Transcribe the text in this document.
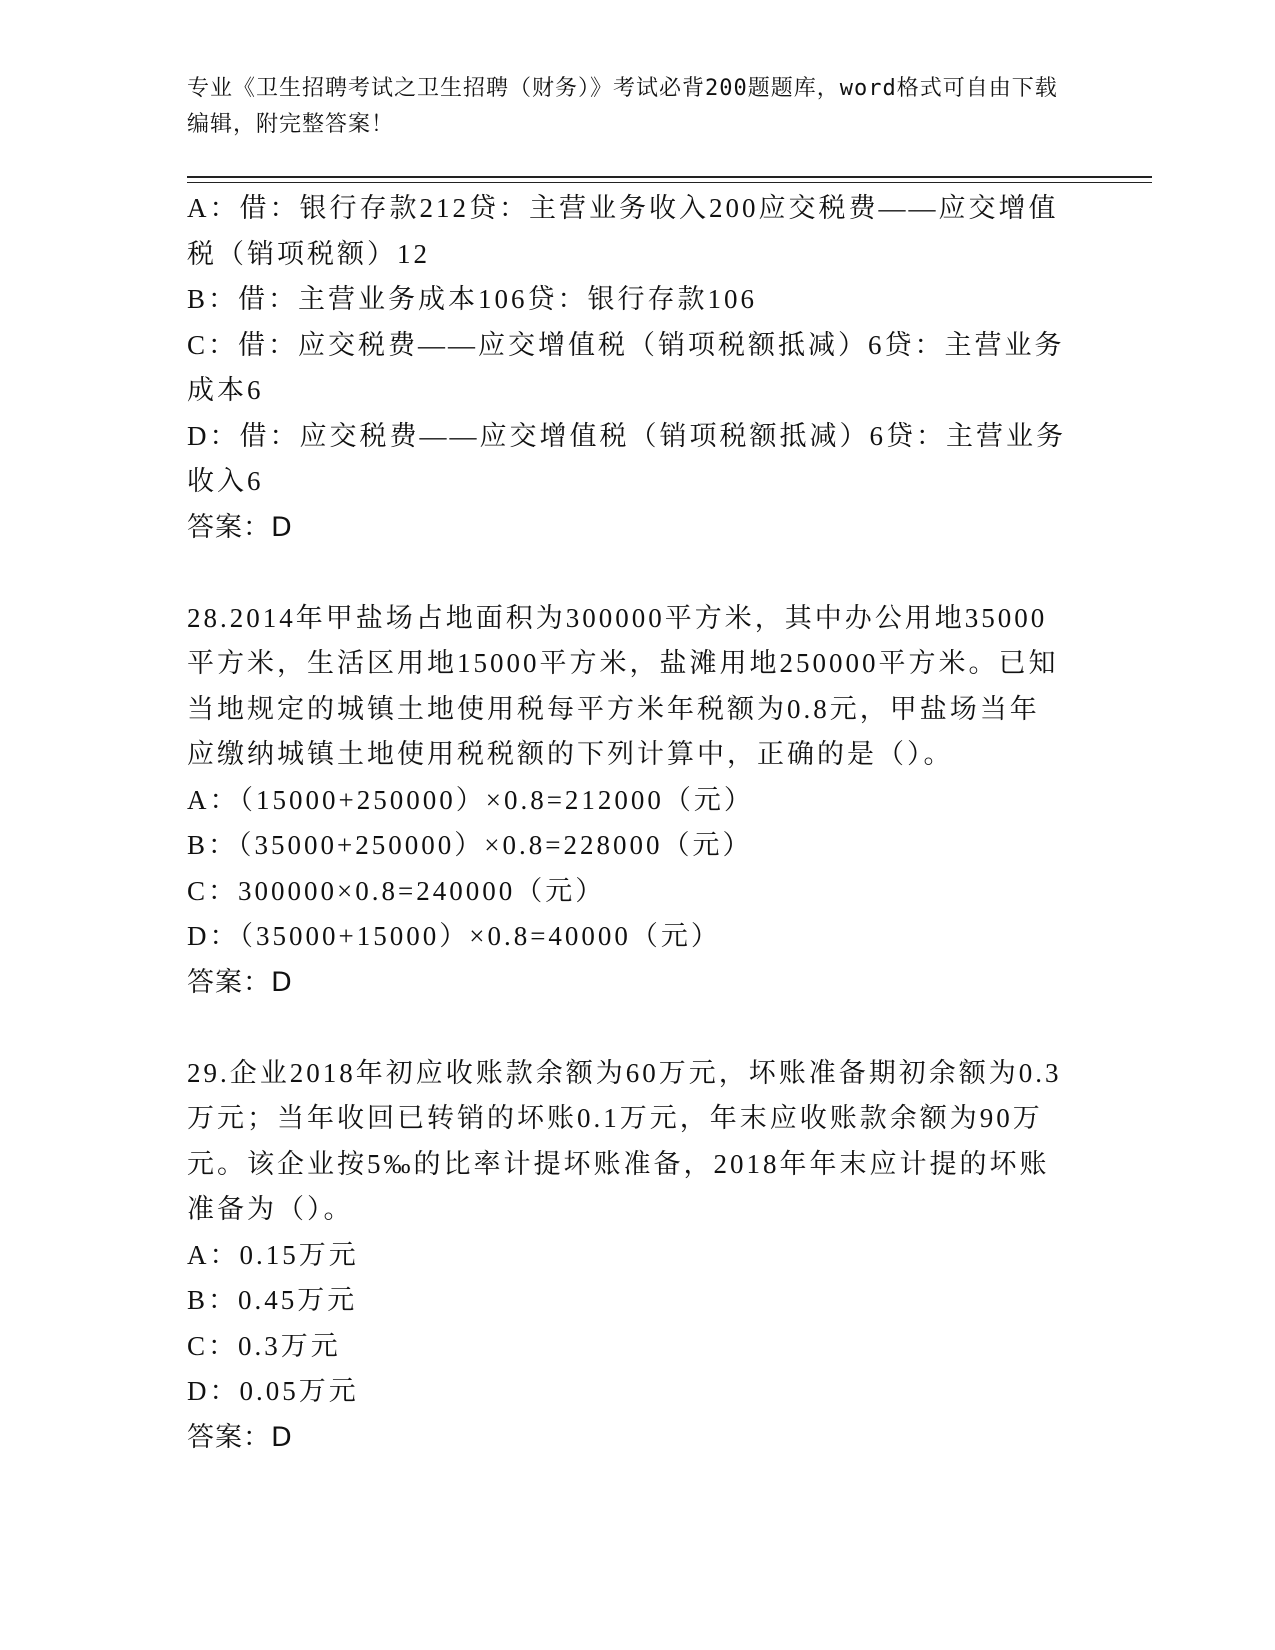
专业《卫生招聘考试之卫生招聘（财务）》考试必背200题题库，word格式可自由下载编辑，附完整答案！

A：借：银行存款212贷：主营业务收入200应交税费——应交增值税（销项税额）12

B：借：主营业务成本106贷：银行存款106

C：借：应交税费——应交增值税（销项税额抵减）6贷：主营业务成本6

D：借：应交税费——应交增值税（销项税额抵减）6贷：主营业务收入6

答案：D

28.2014年甲盐场占地面积为300000平方米，其中办公用地35000平方米，生活区用地15000平方米，盐滩用地250000平方米。已知当地规定的城镇土地使用税每平方米年税额为0.8元，甲盐场当年应缴纳城镇土地使用税税额的下列计算中，正确的是（）。

A：（15000+250000）×0.8=212000（元）

B：（35000+250000）×0.8=228000（元）

C：300000×0.8=240000（元）

D：（35000+15000）×0.8=40000（元）

答案：D

29.企业2018年初应收账款余额为60万元，坏账准备期初余额为0.3万元；当年收回已转销的坏账0.1万元，年末应收账款余额为90万元。该企业按5‰的比率计提坏账准备，2018年年末应计提的坏账准备为（）。

A：0.15万元

B：0.45万元

C：0.3万元

D：0.05万元

答案：D
